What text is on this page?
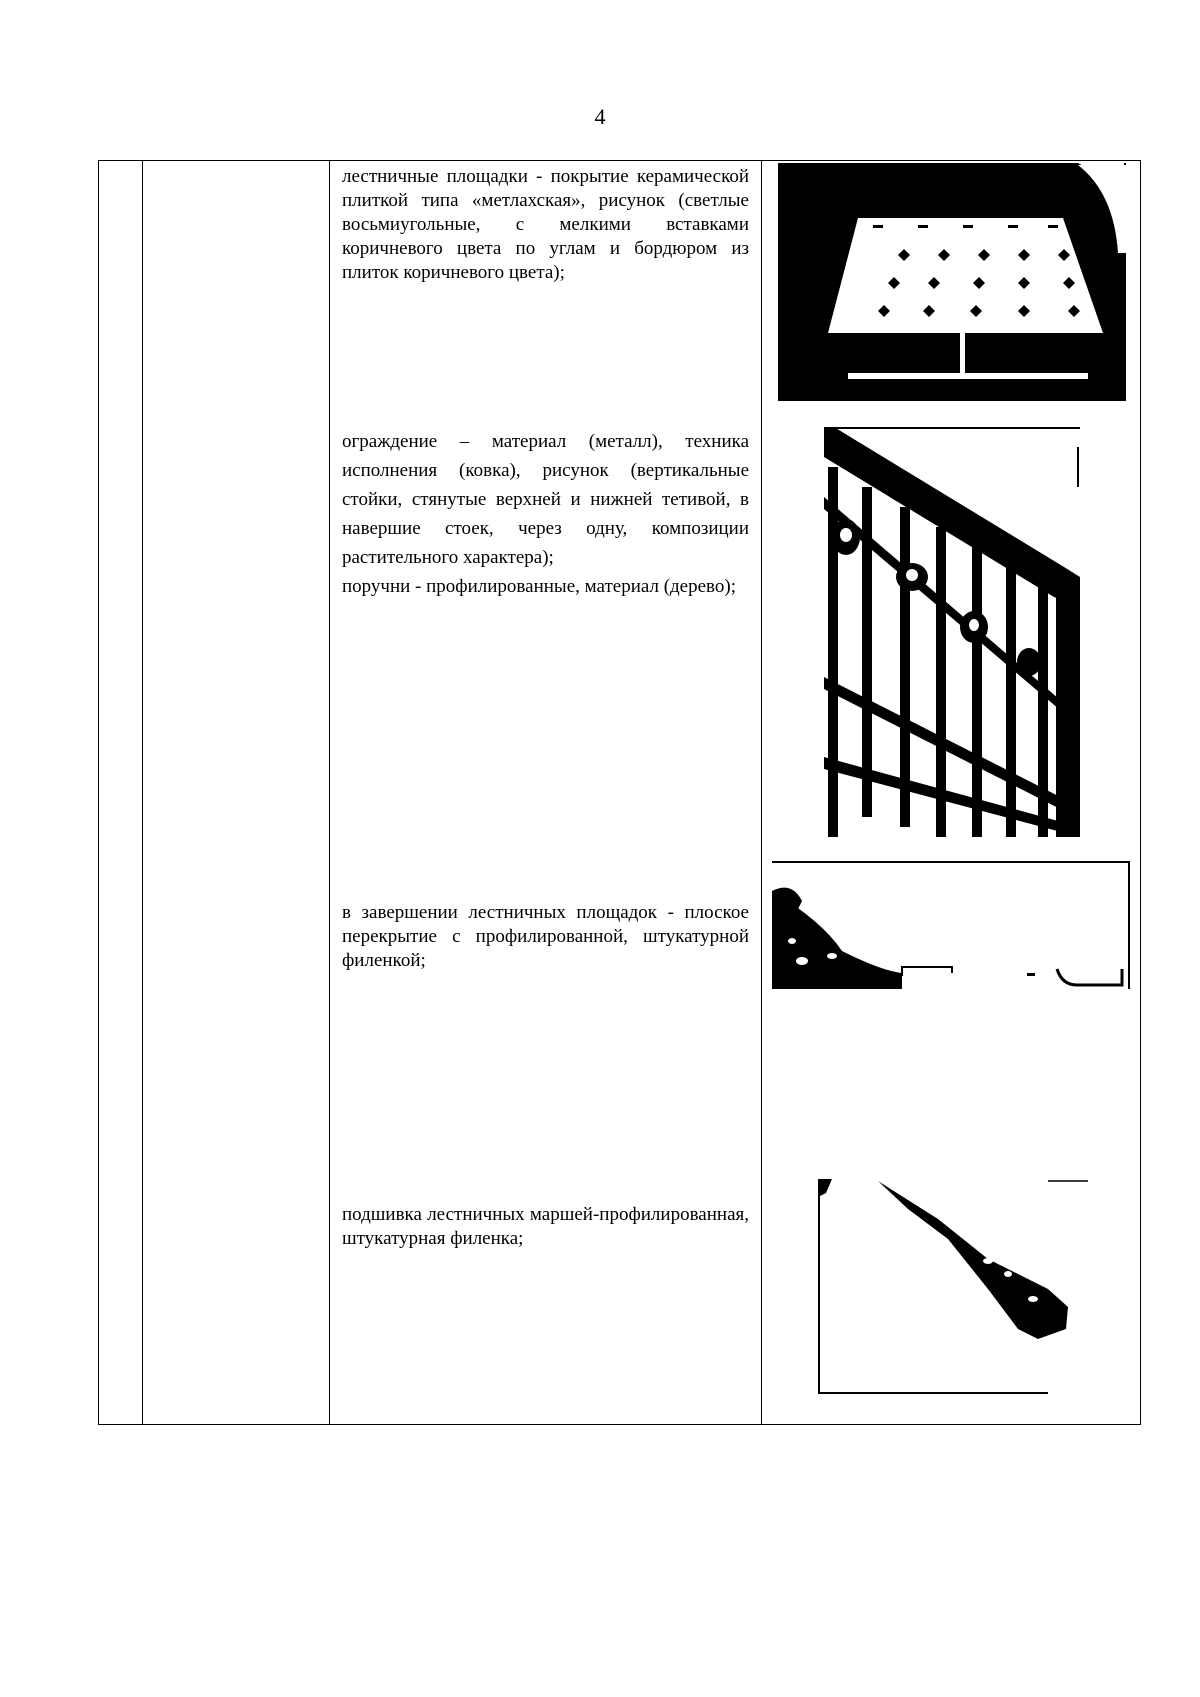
4

лестничные площадки - покрытие керамической плиткой типа «метлахская», рисунок (светлые восьмиугольные, с мелкими вставками коричневого цвета по углам и бордюром из плиток коричневого цвета);

ограждение – материал (металл), техника исполнения (ковка), рисунок (вертикальные стойки, стянутые верхней и нижней тетивой, в навершие стоек, через одну, композиции растительного характера);

поручни - профилированные, материал (дерево);

в завершении лестничных площадок - плоское перекрытие с профилированной, штукатурной филенкой;

подшивка лестничных маршей-профилированная, штукатурная филенка;
